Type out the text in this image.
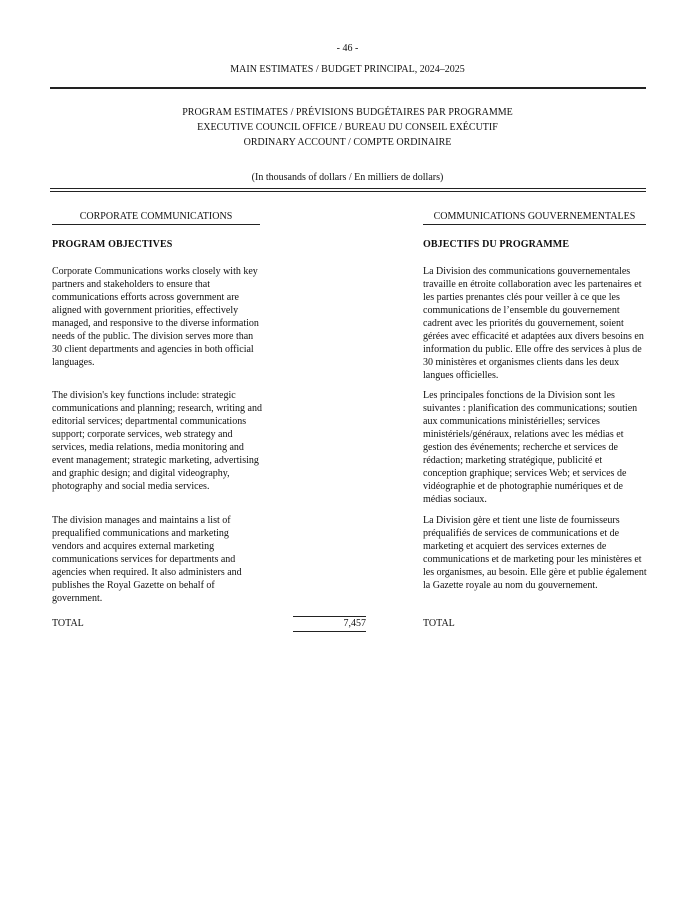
- 46 -
MAIN ESTIMATES / BUDGET PRINCIPAL, 2024–2025
PROGRAM ESTIMATES / PRÉVISIONS BUDGÉTAIRES PAR PROGRAMME
EXECUTIVE COUNCIL OFFICE / BUREAU DU CONSEIL EXÉCUTIF
ORDINARY ACCOUNT / COMPTE ORDINAIRE
(In thousands of dollars / En milliers de dollars)
CORPORATE COMMUNICATIONS
PROGRAM OBJECTIVES
Corporate Communications works closely with key partners and stakeholders to ensure that communications efforts across government are aligned with government priorities, effectively managed, and responsive to the diverse information needs of the public. The division serves more than 30 client departments and agencies in both official languages.
The division's key functions include: strategic communications and planning; research, writing and editorial services; departmental communications support; corporate services, web strategy and services, media relations, media monitoring and event management; strategic marketing, advertising and graphic design; and digital videography, photography and social media services.
The division manages and maintains a list of prequalified communications and marketing vendors and acquires external marketing communications services for departments and agencies when required. It also administers and publishes the Royal Gazette on behalf of government.
TOTAL	7,457
COMMUNICATIONS GOUVERNEMENTALES
OBJECTIFS DU PROGRAMME
La Division des communications gouvernementales travaille en étroite collaboration avec les partenaires et les parties prenantes clés pour veiller à ce que les communications de l’ensemble du gouvernement cadrent avec les priorités du gouvernement, soient gérées avec efficacité et adaptées aux divers besoins en information du public. Elle offre des services à plus de 30 ministères et organismes clients dans les deux langues officielles.
Les principales fonctions de la Division sont les suivantes : planification des communications; soutien aux communications ministérielles; services ministériels/généraux, relations avec les médias et gestion des événements; recherche et services de rédaction; marketing stratégique, publicité et conception graphique; services Web; et services de vidéographie et de photographie numériques et de médias sociaux.
La Division gère et tient une liste de fournisseurs préqualifiés de services de communications et de marketing et acquiert des services externes de communications et de marketing pour les ministères et les organismes, au besoin. Elle gère et publie également la Gazette royale au nom du gouvernement.
TOTAL
